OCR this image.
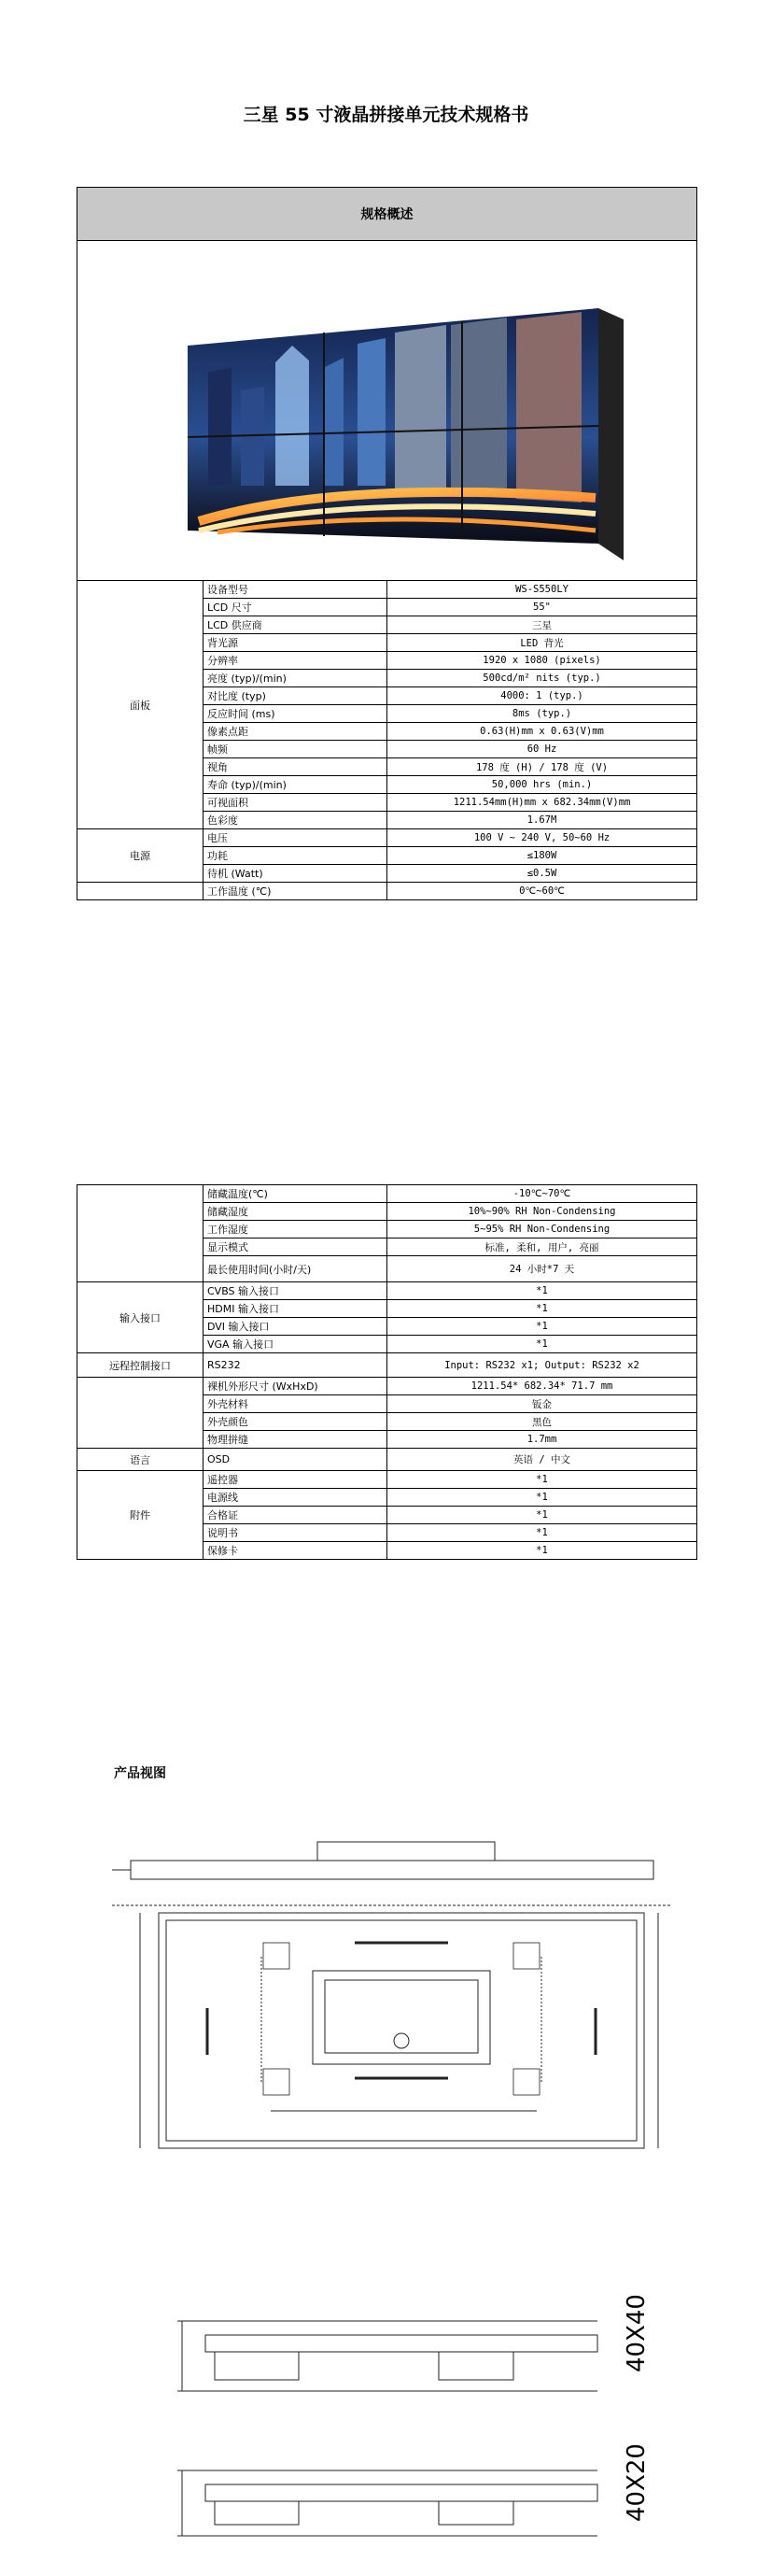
三星 55 寸液晶拼接单元技术规格书
规格概述		

面板	设备型号	WS-S550LY
	LCD 尺寸	55"
	LCD 供应商	三星
	背光源	LED 背光
	分辨率	1920 x 1080 (pixels)
	亮度 (typ)/(min)	500cd/m² nits (typ.)
	对比度 (typ)	4000: 1 (typ.)
	反应时间 (ms)	8ms (typ.)
	像素点距	0.63(H)mm x 0.63(V)mm
	帧频	60 Hz
	视角	178 度 (H) / 178 度 (V)
	寿命 (typ)/(min)	50,000 hrs (min.)
	可视面积	1211.54mm(H)mm x 682.34mm(V)mm
	色彩度	1.67M
电源	电压	100 V ~ 240 V, 50~60 Hz
	功耗	≤180W
	待机 (Watt)	≤0.5W
	工作温度 (℃)	0℃~60℃
	储藏温度(℃)	-10℃~70℃
	储藏湿度	10%~90% RH Non-Condensing
	工作湿度	5~95% RH Non-Condensing
	显示模式	标准, 柔和, 用户, 亮丽
	最长使用时间(小时/天)	24 小时*7 天
输入接口	CVBS 输入接口	*1
	HDMI 输入接口	*1
	DVI 输入接口	*1
	VGA 输入接口	*1
远程控制接口	RS232	Input: RS232 x1; Output: RS232 x2
	裸机外形尺寸 (WxHxD)	1211.54* 682.34* 71.7 mm
	外壳材料	钣金
	外壳颜色	黑色
	物理拼缝	1.7mm
语言	OSD	英语 / 中文
附件	遥控器	*1
	电源线	*1
	合格证	*1
	说明书	*1
	保修卡	*1
产品视图
40X40
40X20
